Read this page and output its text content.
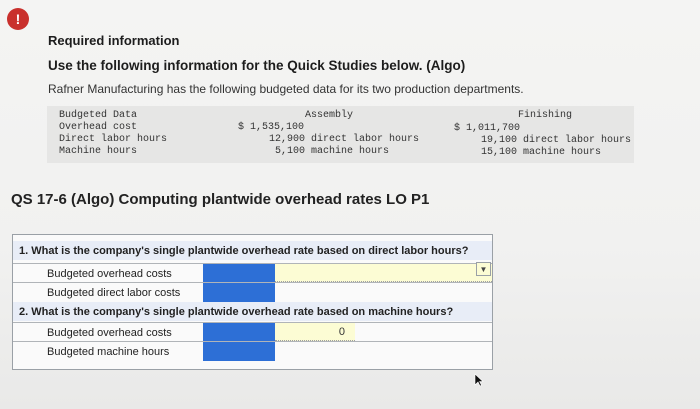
!
Required information
Use the following information for the Quick Studies below. (Algo)
Rafner Manufacturing has the following budgeted data for its two production departments.
Budgeted Data
Overhead cost
Direct labor hours
Machine hours
Assembly
$ 1,535,100
12,900 direct labor hours
5,100 machine hours
Finishing
$ 1,011,700
19,100 direct labor hours
15,100 machine hours
QS 17-6 (Algo) Computing plantwide overhead rates LO P1
1. What is the company's single plantwide overhead rate based on direct labor hours?
Budgeted overhead costs
Budgeted direct labor costs
2. What is the company's single plantwide overhead rate based on machine hours?
Budgeted overhead costs	0
Budgeted machine hours
▼
